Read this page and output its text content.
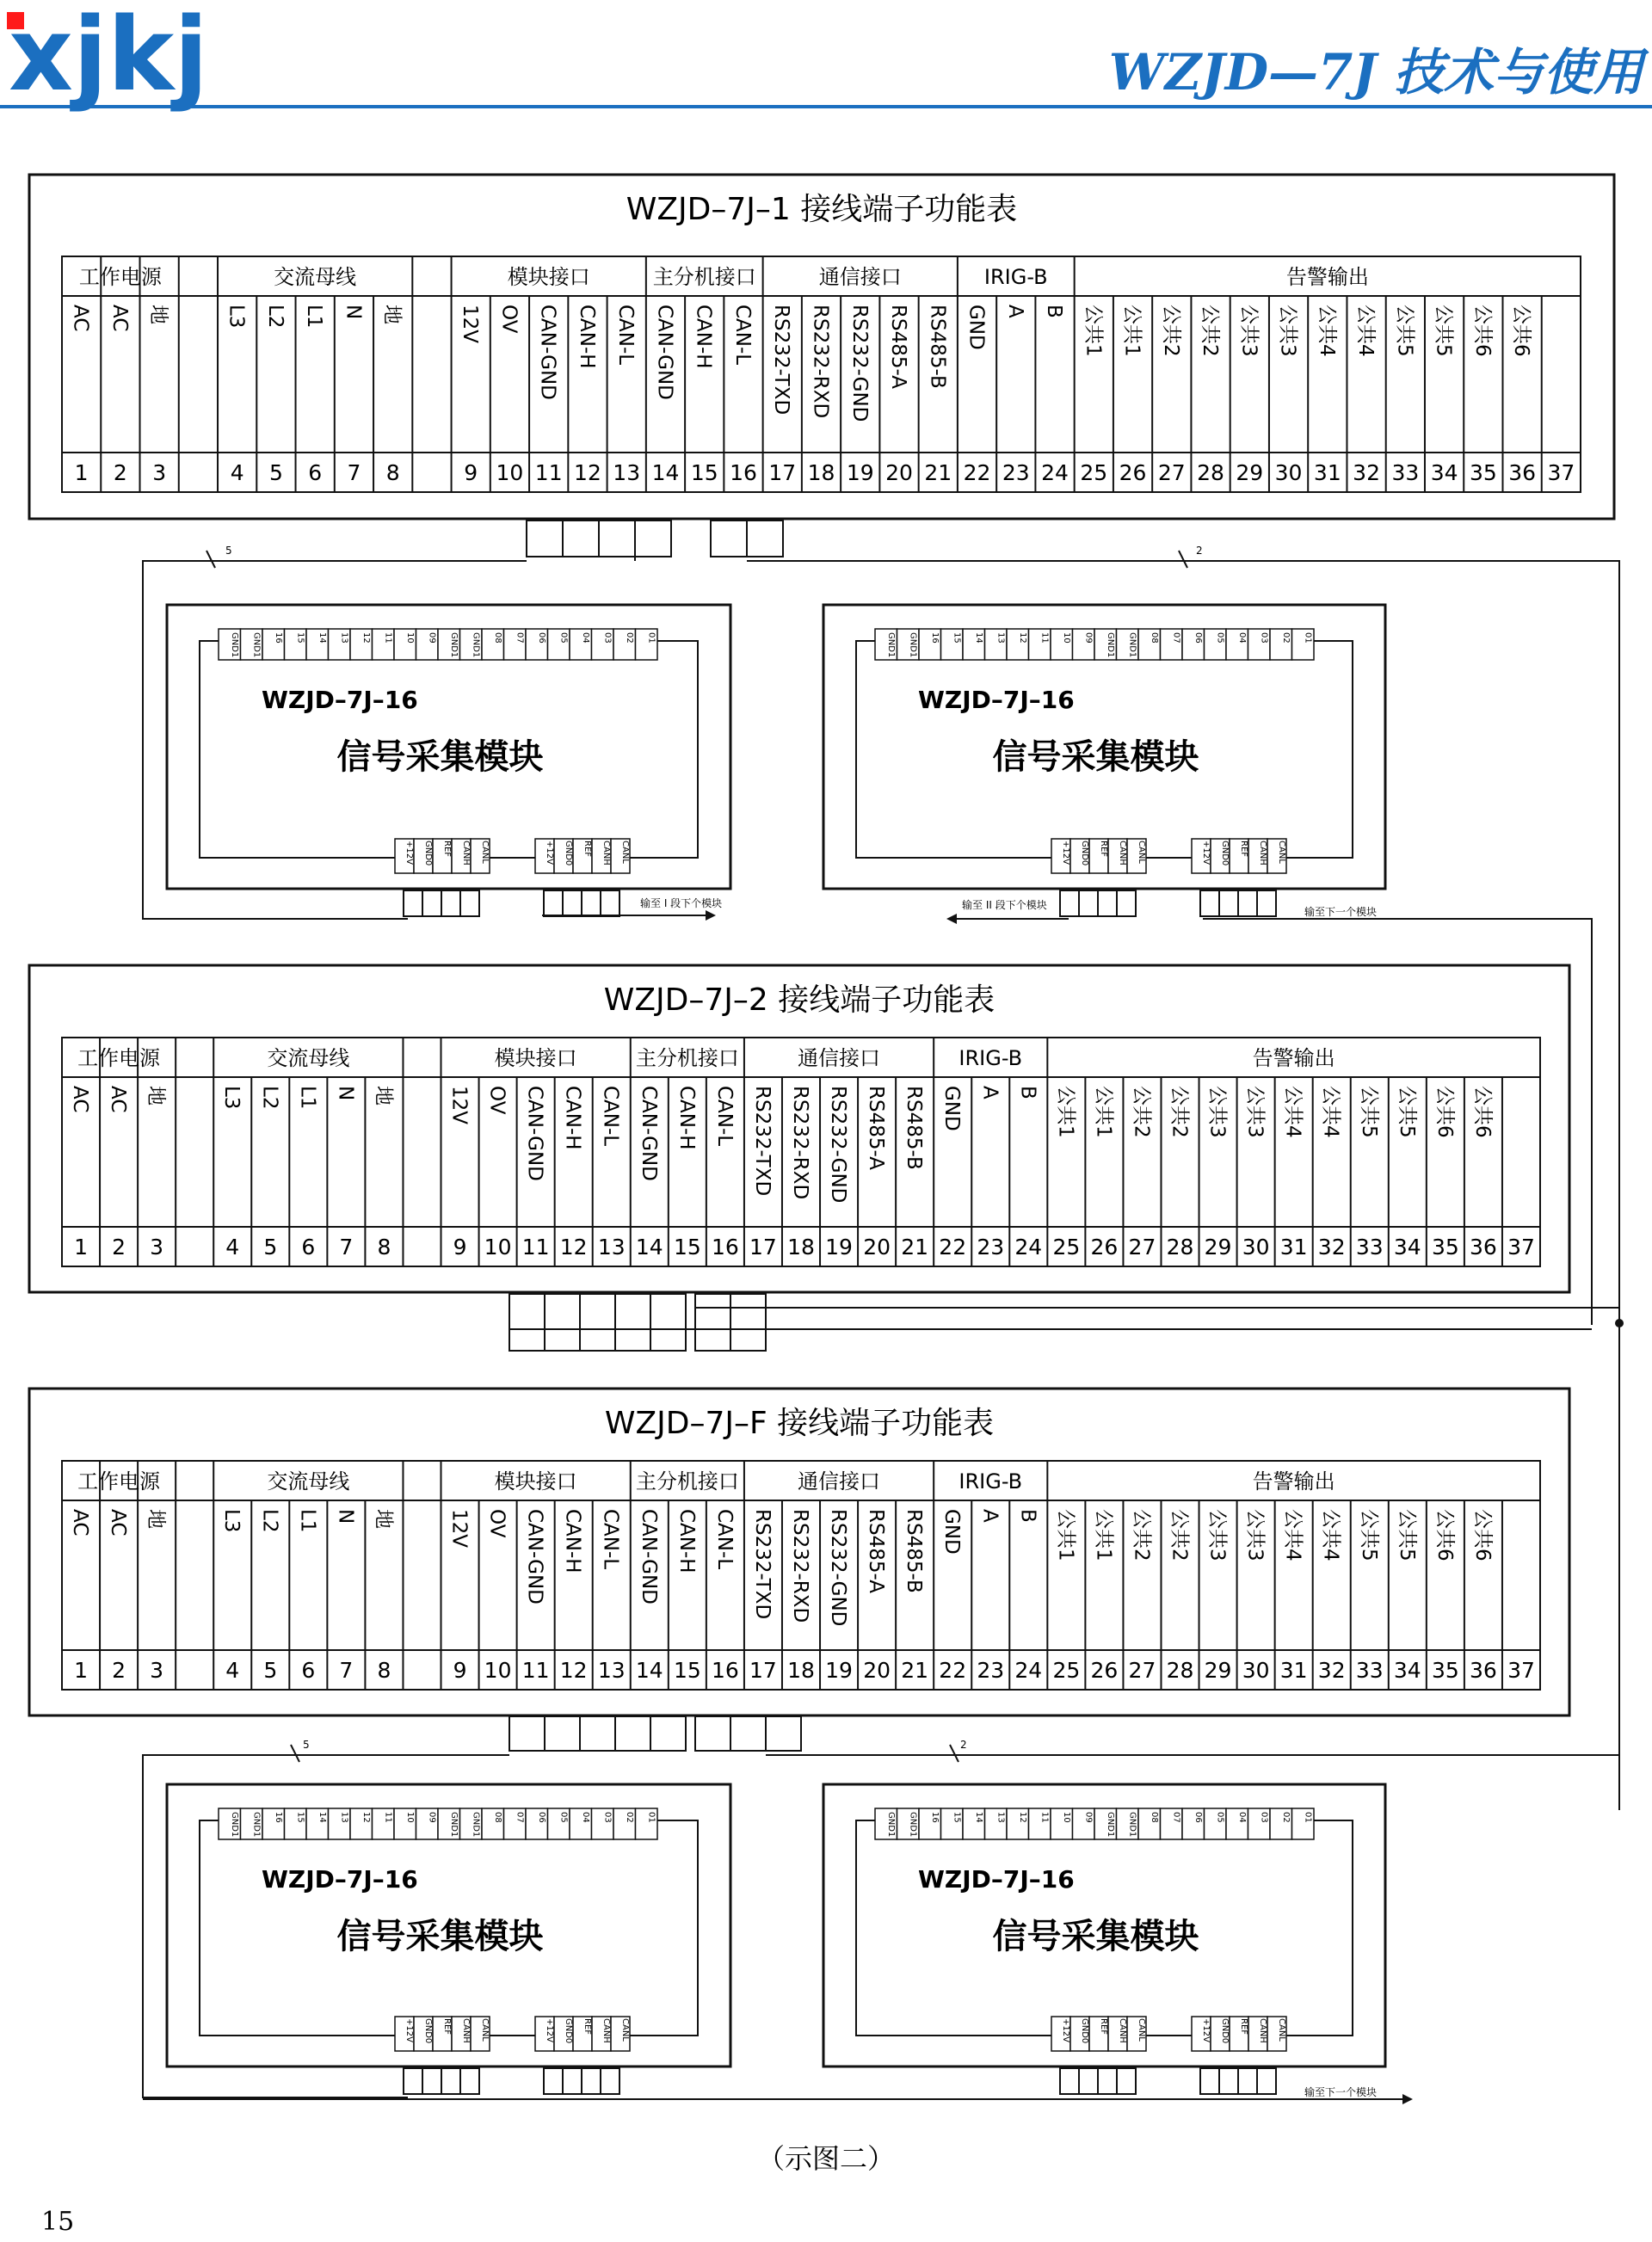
xjkj	WZJD—7J 技术与使用
WZJD–7J–1 接线端子功能表
工作电源	交流母线	模块接口	主分机接口	通信接口	IRIG-B	告警输出
AC AC 地	L3 L2 L1 N 地	12V OV CAN-GND CAN-H CAN-L CAN-GND CAN-H CAN-L RS232-TXD RS232-RXD RS232-GND RS485-A RS485-B GND A B 公共1 公共1 公共2 公共2 公共3 公共3 公共4 公共4 公共5 公共5 公共6 公共6
1 2 3	4 5 6 7 8	9 10 11 12 13 14 15 16 17 18 19 20 21 22 23 24 25 26 27 28 29 30 31 32 33 34 35 36 37
WZJD–7J–2 接线端子功能表
工作电源	交流母线	模块接口	主分机接口	通信接口	IRIG-B	告警输出
AC AC 地	L3 L2 L1 N 地	12V OV CAN-GND CAN-H CAN-L CAN-GND CAN-H CAN-L RS232-TXD RS232-RXD RS232-GND RS485-A RS485-B GND A B 公共1 公共1 公共2 公共2 公共3 公共3 公共4 公共4 公共5 公共5 公共6 公共6
1 2 3	4 5 6 7 8	9 10 11 12 13 14 15 16 17 18 19 20 21 22 23 24 25 26 27 28 29 30 31 32 33 34 35 36 37
WZJD–7J–F 接线端子功能表
工作电源	交流母线	模块接口	主分机接口	通信接口	IRIG-B	告警输出
AC AC 地	L3 L2 L1 N 地	12V OV CAN-GND CAN-H CAN-L CAN-GND CAN-H CAN-L RS232-TXD RS232-RXD RS232-GND RS485-A RS485-B GND A B 公共1 公共1 公共2 公共2 公共3 公共3 公共4 公共4 公共5 公共5 公共6 公共6
1 2 3	4 5 6 7 8	9 10 11 12 13 14 15 16 17 18 19 20 21 22 23 24 25 26 27 28 29 30 31 32 33 34 35 36 37
GND1 GND1 16 15 14 13 12 11 10 09 GND1 GND1 08 07 06 05 04 03 02 01
WZJD–7J–16
信号采集模块
+12V GND0 REF CANH CANL	+12V GND0 REF CANH CANL
GND1 GND1 16 15 14 13 12 11 10 09 GND1 GND1 08 07 06 05 04 03 02 01
WZJD–7J–16
信号采集模块
+12V GND0 REF CANH CANL	+12V GND0 REF CANH CANL
GND1 GND1 16 15 14 13 12 11 10 09 GND1 GND1 08 07 06 05 04 03 02 01
WZJD–7J–16
信号采集模块
+12V GND0 REF CANH CANL	+12V GND0 REF CANH CANL
GND1 GND1 16 15 14 13 12 11 10 09 GND1 GND1 08 07 06 05 04 03 02 01
WZJD–7J–16
信号采集模块
+12V GND0 REF CANH CANL	+12V GND0 REF CANH CANL
5	2
输至 I 段下个模块	输至 II 段下个模块
输至下一个模块
5	2
输至下一个模块
（示图二）
15
